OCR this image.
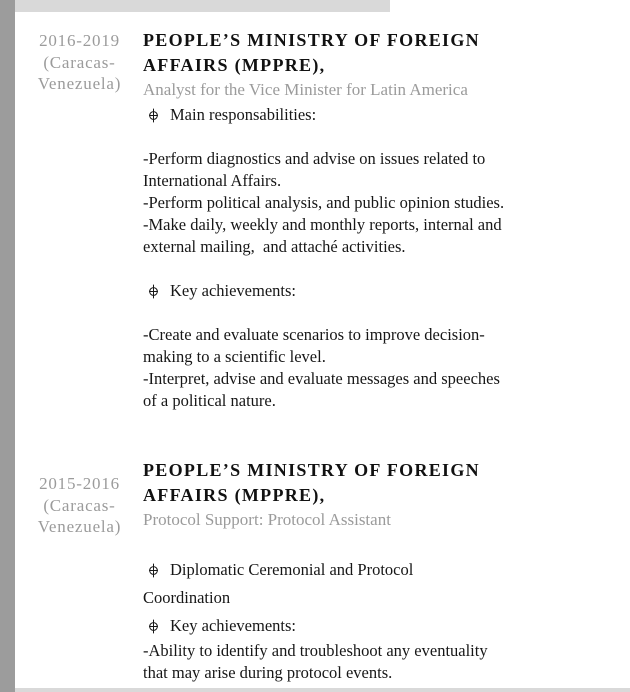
2016-2019
(Caracas-
Venezuela)
PEOPLE’S MINISTRY OF FOREIGN
AFFAIRS (MPPRE),
Analyst for the Vice Minister for Latin America
Main responsabilities:
-Perform diagnostics and advise on issues related to
International Affairs.
-Perform political analysis, and public opinion studies.
-Make daily, weekly and monthly reports, internal and
external mailing,  and attaché activities.
Key achievements:
-Create and evaluate scenarios to improve decision-
making to a scientific level.
-Interpret, advise and evaluate messages and speeches
of a political nature.
2015-2016
(Caracas-
Venezuela)
PEOPLE’S MINISTRY OF FOREIGN
AFFAIRS (MPPRE),
Protocol Support: Protocol Assistant
Diplomatic Ceremonial and Protocol
Coordination
Key achievements:
-Ability to identify and troubleshoot any eventuality
that may arise during protocol events.
